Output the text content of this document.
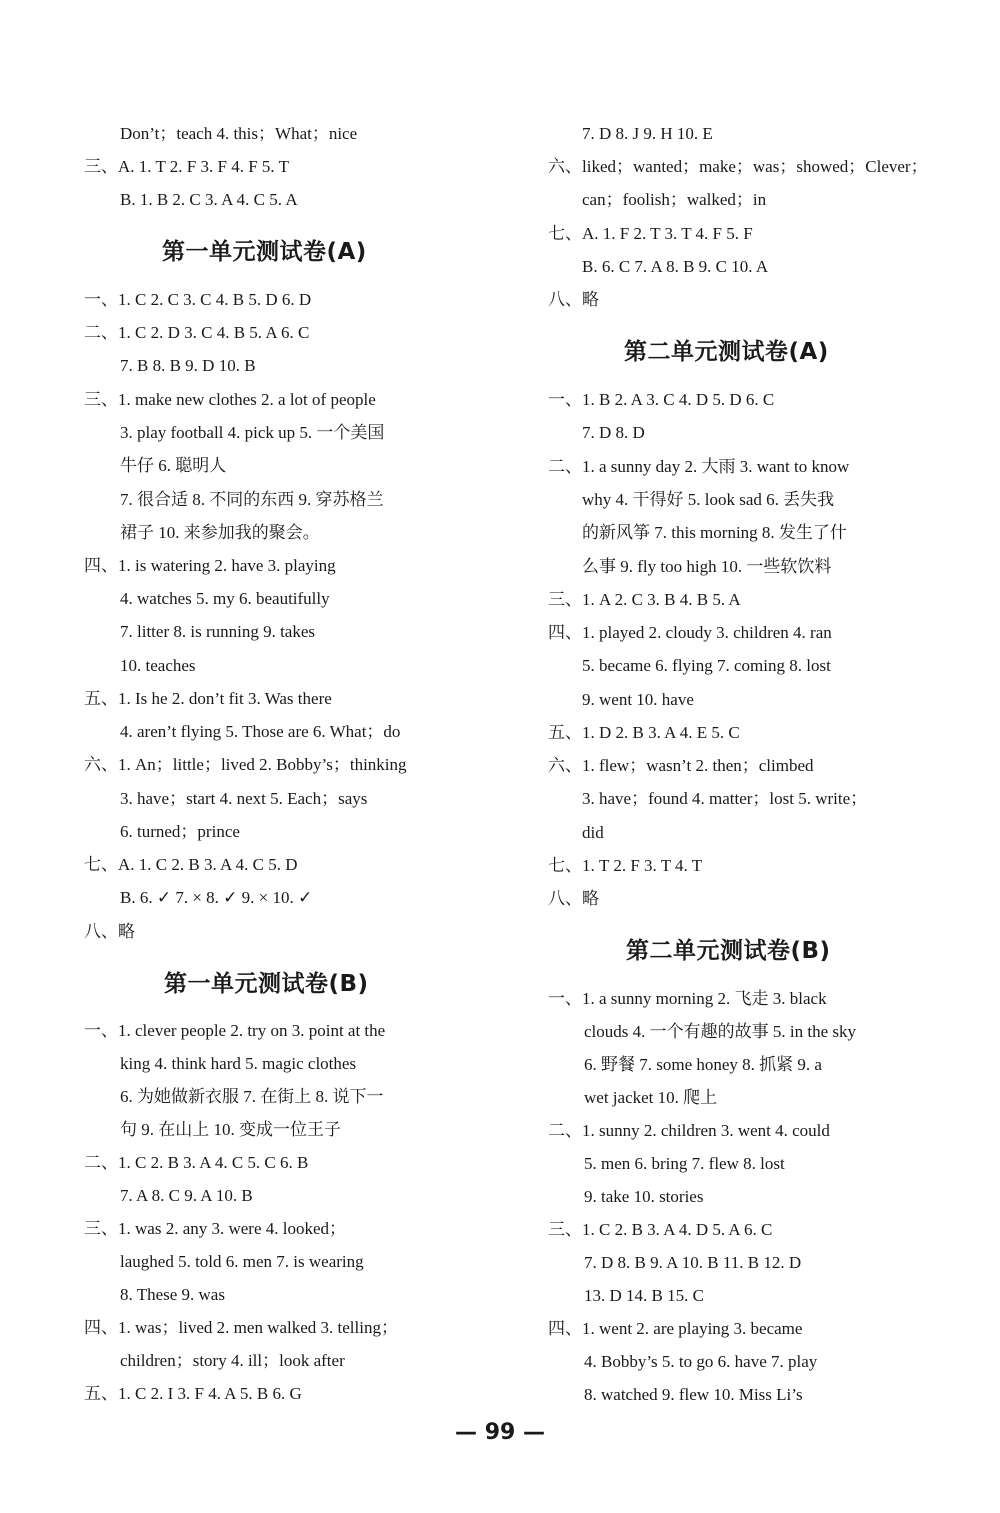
Don’t；teach 4. this；What；nice
三、A. 1. T 2. F 3. F 4. F 5. T
B. 1. B 2. C 3. A 4. C 5. A
第一单元测试卷(A)
一、1. C 2. C 3. C 4. B 5. D 6. D
二、1. C 2. D 3. C 4. B 5. A 6. C
7. B 8. B 9. D 10. B
三、1. make new clothes 2. a lot of people
3. play football 4. pick up 5. 一个美国
牛仔 6. 聪明人
7. 很合适 8. 不同的东西 9. 穿苏格兰
裙子 10. 来参加我的聚会。
四、1. is watering 2. have 3. playing
4. watches 5. my 6. beautifully
7. litter 8. is running 9. takes
10. teaches
五、1. Is he 2. don’t fit 3. Was there
4. aren’t flying 5. Those are 6. What；do
六、1. An；little；lived 2. Bobby’s；thinking
3. have；start 4. next 5. Each；says
6. turned；prince
七、A. 1. C 2. B 3. A 4. C 5. D
B. 6. ✓ 7. × 8. ✓ 9. × 10. ✓
八、略
第一单元测试卷(B)
一、1. clever people 2. try on 3. point at the
king 4. think hard 5. magic clothes
6. 为她做新衣服 7. 在街上 8. 说下一
句 9. 在山上 10. 变成一位王子
二、1. C 2. B 3. A 4. C 5. C 6. B
7. A 8. C 9. A 10. B
三、1. was 2. any 3. were 4. looked；
laughed 5. told 6. men 7. is wearing
8. These 9. was
四、1. was；lived 2. men walked 3. telling；
children；story 4. ill；look after
五、1. C 2. I 3. F 4. A 5. B 6. G
7. D 8. J 9. H 10. E
六、liked；wanted；make；was；showed；Clever；
can；foolish；walked；in
七、A. 1. F 2. T 3. T 4. F 5. F
B. 6. C 7. A 8. B 9. C 10. A
八、略
第二单元测试卷(A)
一、1. B 2. A 3. C 4. D 5. D 6. C
7. D 8. D
二、1. a sunny day 2. 大雨 3. want to know
why 4. 干得好 5. look sad 6. 丢失我
的新风筝 7. this morning 8. 发生了什
么事 9. fly too high 10. 一些软饮料
三、1. A 2. C 3. B 4. B 5. A
四、1. played 2. cloudy 3. children 4. ran
5. became 6. flying 7. coming 8. lost
9. went 10. have
五、1. D 2. B 3. A 4. E 5. C
六、1. flew；wasn’t 2. then；climbed
3. have；found 4. matter；lost 5. write；
did
七、1. T 2. F 3. T 4. T
八、略
第二单元测试卷(B)
一、1. a sunny morning 2. 飞走 3. black
clouds 4. 一个有趣的故事 5. in the sky
6. 野餐 7. some honey 8. 抓紧 9. a
wet jacket 10. 爬上
二、1. sunny 2. children 3. went 4. could
5. men 6. bring 7. flew 8. lost
9. take 10. stories
三、1. C 2. B 3. A 4. D 5. A 6. C
7. D 8. B 9. A 10. B 11. B 12. D
13. D 14. B 15. C
四、1. went 2. are playing 3. became
4. Bobby’s 5. to go 6. have 7. play
8. watched 9. flew 10. Miss Li’s
— 99 —
